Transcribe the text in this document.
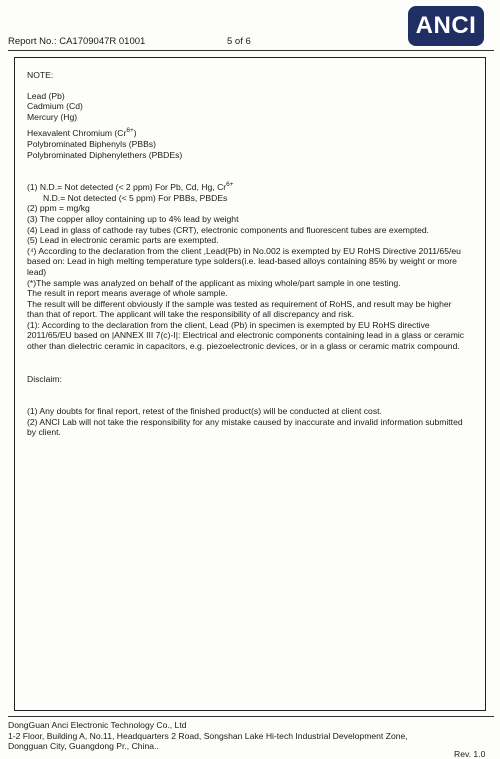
Report No.: CA1709047R 01001	5 of 6
ANCI

NOTE:

Lead (Pb)

Cadmium (Cd)

Mercury (Hg)

Hexavalent Chromium $(Cr^{6+})$

Polybrominated Biphenyls (PBBs)

Polybrominated Diphenylethers (PBDEs)

(1) N.D.= Not detected (< 2 ppm) For Pb, Cd, Hg, $Cr^{6+}$

N.D.= Not detected (< 5 ppm) For PBBs, PBDEs

(2) ppm = mg/kg

(3) The copper alloy containing up to 4% lead by weight

(4) Lead in glass of cathode ray tubes (CRT), electronic components and fluorescent tubes are exempted.

(5) Lead in electronic ceramic parts are exempted.

(⁴) According to the declaration from the client ,Lead(Pb) in No.002 is exempted by EU RoHS Directive 2011/65/eu based on: Lead in high melting temperature type solders(i.e. lead-based alloys containing 85% by weight or more lead)

(*)The sample was analyzed on behalf of the applicant as mixing whole/part sample in one testing.

The result in report means average of whole sample.

The result will be different obviously if the sample was tested as requirement of RoHS, and result may be higher than that of report. The applicant will take the responsibility of all discrepancy and risk.

(1): According to the declaration from the client, Lead (Pb) in specimen is exempted by EU RoHS directive 2011/65/EU based on |ANNEX III 7(c)-I|: Electrical and electronic components containing lead in a glass or ceramic other than dielectric ceramic in capacitors, e.g. piezoelectronic devices, or in a glass or ceramic matrix compound.

Disclaim:

(1) Any doubts for final report, retest of the finished product(s) will be conducted at client cost.

(2) ANCI Lab will not take the responsibility for any mistake caused by inaccurate and invalid information submitted by client.

DongGuan Anci Electronic Technology Co., Ltd
1-2 Floor, Building A, No.11, Headquarters 2 Road, Songshan Lake Hi-tech Industrial Development Zone,
Dongguan City, Guangdong Pr., China..
Rev. 1.0
